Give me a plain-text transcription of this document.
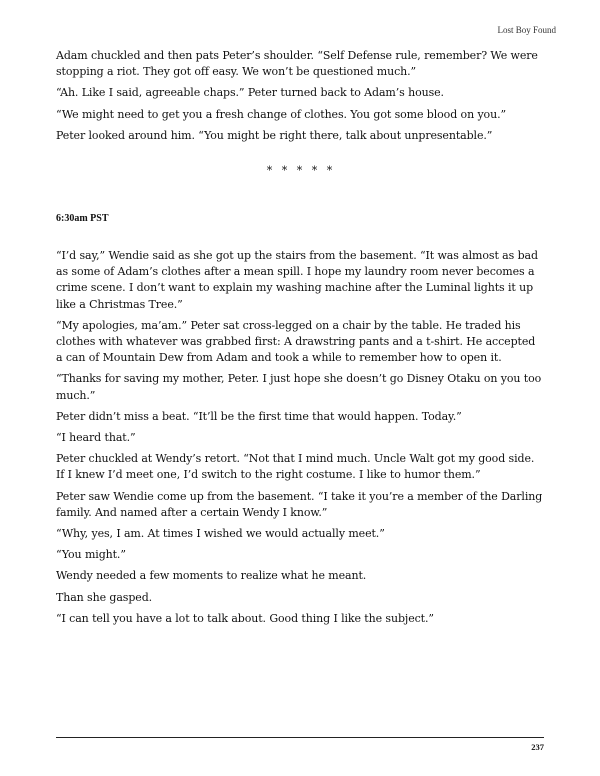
Lost Boy Found

Adam chuckled and then pats Peter’s shoulder. “Self Defense rule, remember? We were stopping a riot. They got off easy. We won’t be questioned much.”

“Ah. Like I said, agreeable chaps.” Peter turned back to Adam’s house.

“We might need to get you a fresh change of clothes. You got some blood on you.”

Peter looked around him. “You might be right there, talk about unpresentable.”

* * * * *
6:30am PST

“I’d say,” Wendie said as she got up the stairs from the basement. “It was almost as bad as some of Adam’s clothes after a mean spill. I hope my laundry room never becomes a crime scene. I don’t want to explain my washing machine after the Luminal lights it up like a Christmas Tree.”

“My apologies, ma’am.” Peter sat cross-legged on a chair by the table. He traded his clothes with whatever was grabbed first: A drawstring pants and a t-shirt. He accepted a can of Mountain Dew from Adam and took a while to remember how to open it.

“Thanks for saving my mother, Peter. I just hope she doesn’t go Disney Otaku on you too much.”

Peter didn’t miss a beat. “It’ll be the first time that would happen. Today.”

“I heard that.”

Peter chuckled at Wendy’s retort. “Not that I mind much. Uncle Walt got my good side. If I knew I’d meet one, I’d switch to the right costume. I like to humor them.”

Peter saw Wendie come up from the basement. “I take it you’re a member of the Darling family. And named after a certain Wendy I know.”

“Why, yes, I am. At times I wished we would actually meet.”

“You might.”

Wendy needed a few moments to realize what he meant.

Than she gasped.

“I can tell you have a lot to talk about. Good thing I like the subject.”

237
